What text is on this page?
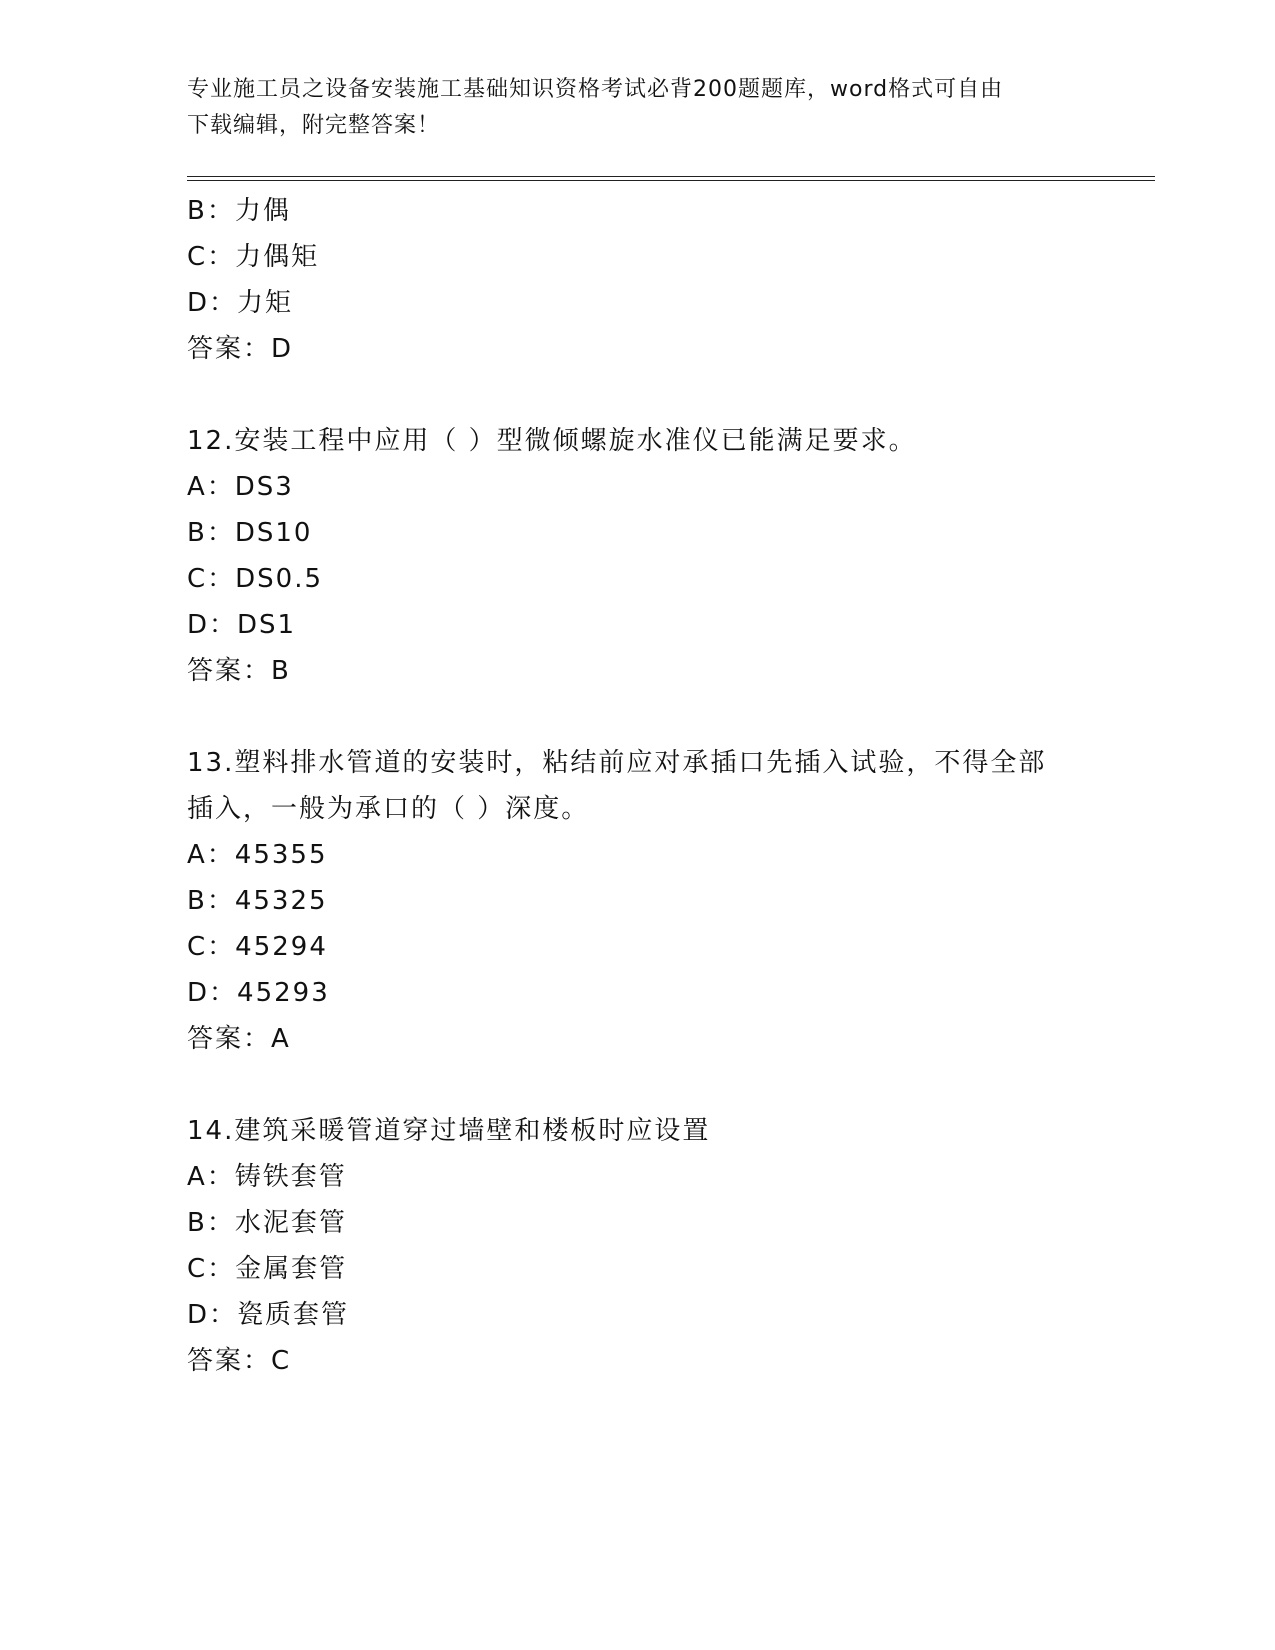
专业施工员之设备安装施工基础知识资格考试必背200题题库，word格式可自由
下载编辑，附完整答案！
B：力偶
C：力偶矩
D：力矩
答案：D
12.安装工程中应用（ ）型微倾螺旋水准仪已能满足要求。
A：DS3
B：DS10
C：DS0.5
D：DS1
答案：B
13.塑料排水管道的安装时，粘结前应对承插口先插入试验，不得全部
插入，一般为承口的（ ）深度。
A：45355
B：45325
C：45294
D：45293
答案：A
14.建筑采暖管道穿过墙壁和楼板时应设置
A：铸铁套管
B：水泥套管
C：金属套管
D：瓷质套管
答案：C
